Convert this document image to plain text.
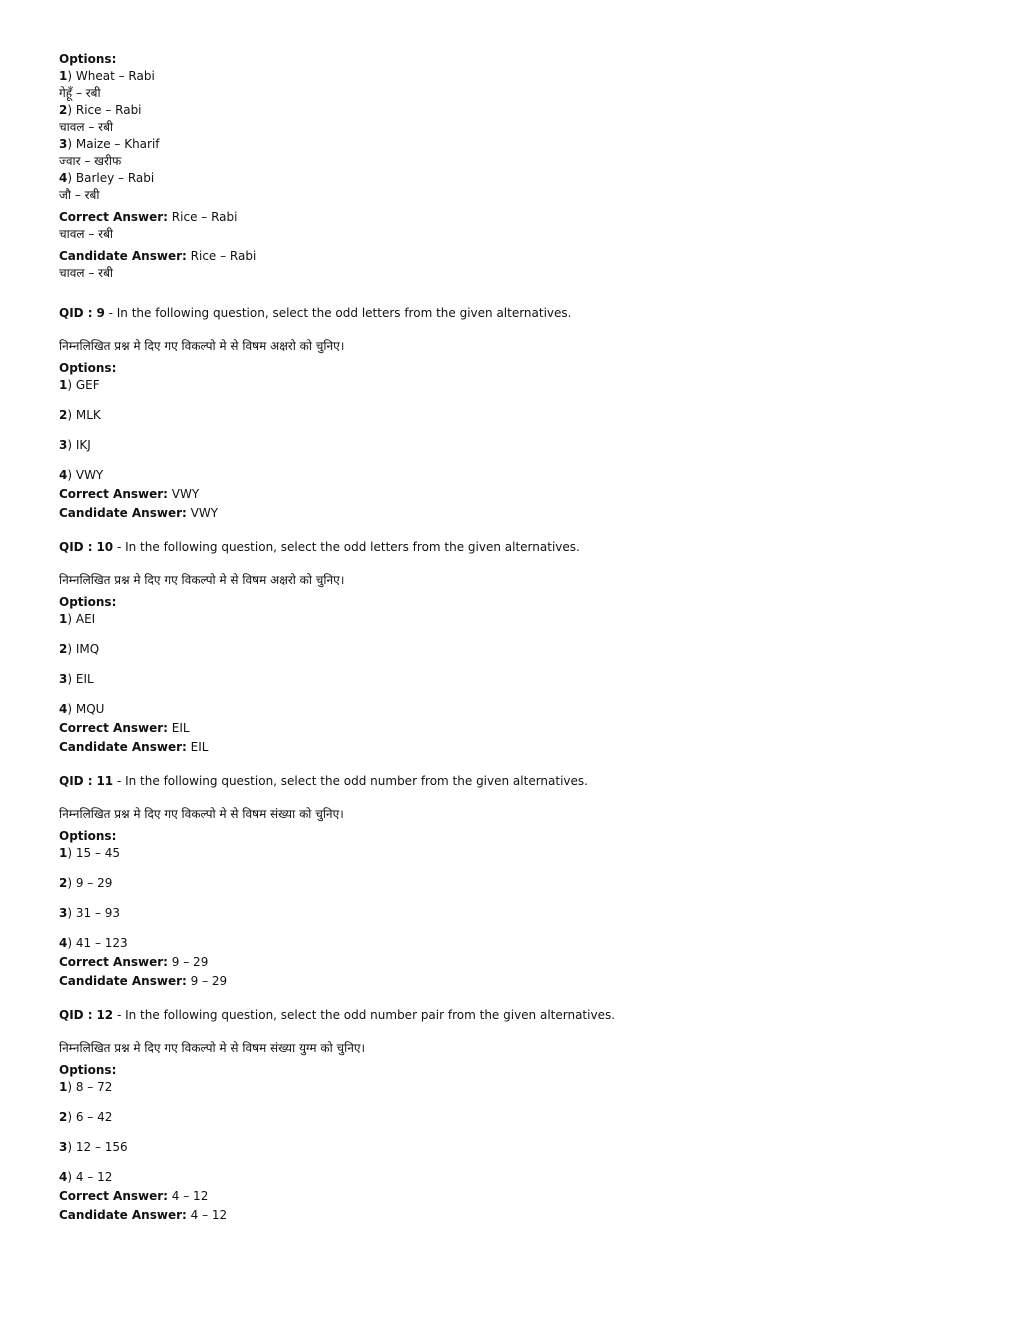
Options:
1) Wheat – Rabi
गेहूँ – रबी
2) Rice – Rabi
चावल – रबी
3) Maize – Kharif
ज्वार – खरीफ
4) Barley – Rabi
जौ – रबी
Correct Answer: Rice – Rabi
चावल – रबी
Candidate Answer: Rice – Rabi
चावल – रबी
QID : 9 - In the following question, select the odd letters from the given alternatives.
निम्नलिखित प्रश्न मे दिए गए विकल्पो मे से विषम अक्षरो को चुनिए।
Options:
1) GEF
2) MLK
3) IKJ
4) VWY
Correct Answer: VWY
Candidate Answer: VWY
QID : 10 - In the following question, select the odd letters from the given alternatives.
निम्नलिखित प्रश्न मे दिए गए विकल्पो मे से विषम अक्षरो को चुनिए।
Options:
1) AEI
2) IMQ
3) EIL
4) MQU
Correct Answer: EIL
Candidate Answer: EIL
QID : 11 - In the following question, select the odd number from the given alternatives.
निम्नलिखित प्रश्न मे दिए गए विकल्पो मे से विषम संख्या को चुनिए।
Options:
1) 15 – 45
2) 9 – 29
3) 31 – 93
4) 41 – 123
Correct Answer: 9 – 29
Candidate Answer: 9 – 29
QID : 12 - In the following question, select the odd number pair from the given alternatives.
निम्नलिखित प्रश्न मे दिए गए विकल्पो मे से विषम संख्या युग्म को चुनिए।
Options:
1) 8 – 72
2) 6 – 42
3) 12 – 156
4) 4 – 12
Correct Answer: 4 – 12
Candidate Answer: 4 – 12
